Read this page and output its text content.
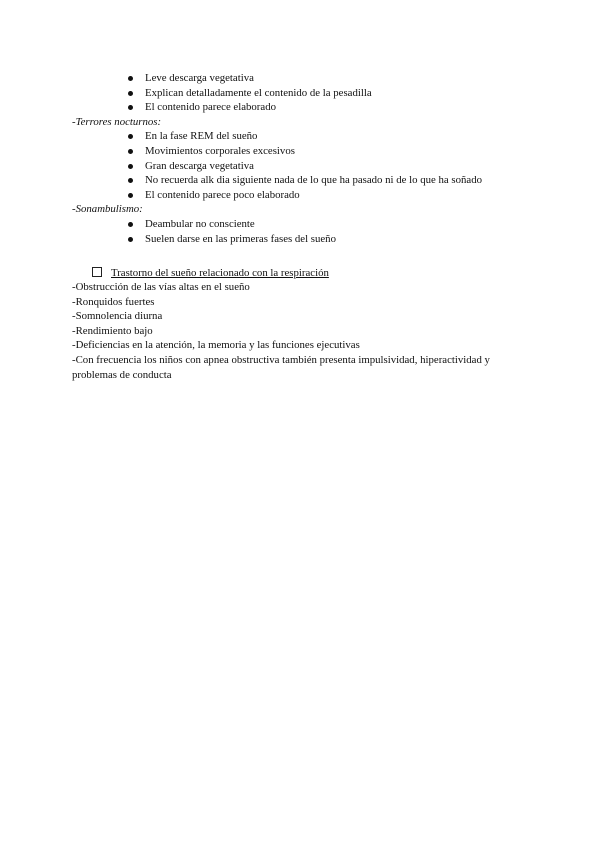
Leve descarga vegetativa
Explican detalladamente el contenido de la pesadilla
El contenido parece elaborado
-Terrores nocturnos:
En la fase REM del sueño
Movimientos corporales excesivos
Gran descarga vegetativa
No recuerda alk dia siguiente nada de lo que ha pasado ni de lo que ha soñado
El contenido parece poco elaborado
-Sonambulismo:
Deambular no consciente
Suelen darse en las primeras fases del sueño
Trastorno del sueño relacionado con la respiración
-Obstrucción de las vías altas en el sueño
-Ronquidos fuertes
-Somnolencia diurna
-Rendimiento bajo
-Deficiencias en la atención, la memoria y las funciones ejecutivas
-Con frecuencia los niños con apnea obstructiva también presenta impulsividad, hiperactividad y problemas de conducta
